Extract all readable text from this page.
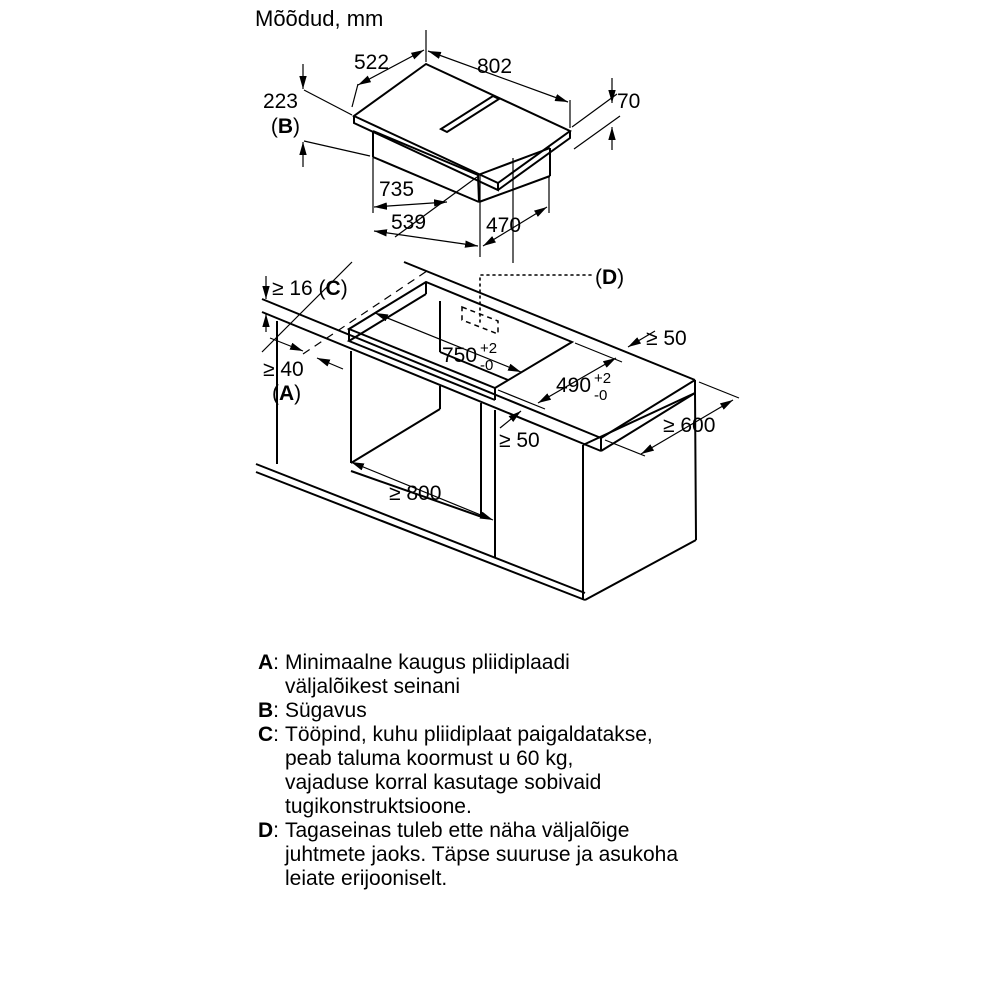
Mõõdud, mm
522	802
70
223
(B)
735
539	470
≥ 16 (C)
≥ 40
(A)
750 +2
-0
490 +2
-0
≥ 50
≥ 50
≥ 600
≥ 800
(D)
A: Minimaalne kaugus pliidiplaadi
väljalõikest seinani
B: Sügavus
C: Tööpind, kuhu pliidiplaat paigaldatakse,
peab taluma koormust u 60 kg,
vajaduse korral kasutage sobivaid
tugikonstruktsioone.
D: Tagaseinas tuleb ette näha väljalõige
juhtmete jaoks. Täpse suuruse ja asukoha
leiate erijooniselt.
